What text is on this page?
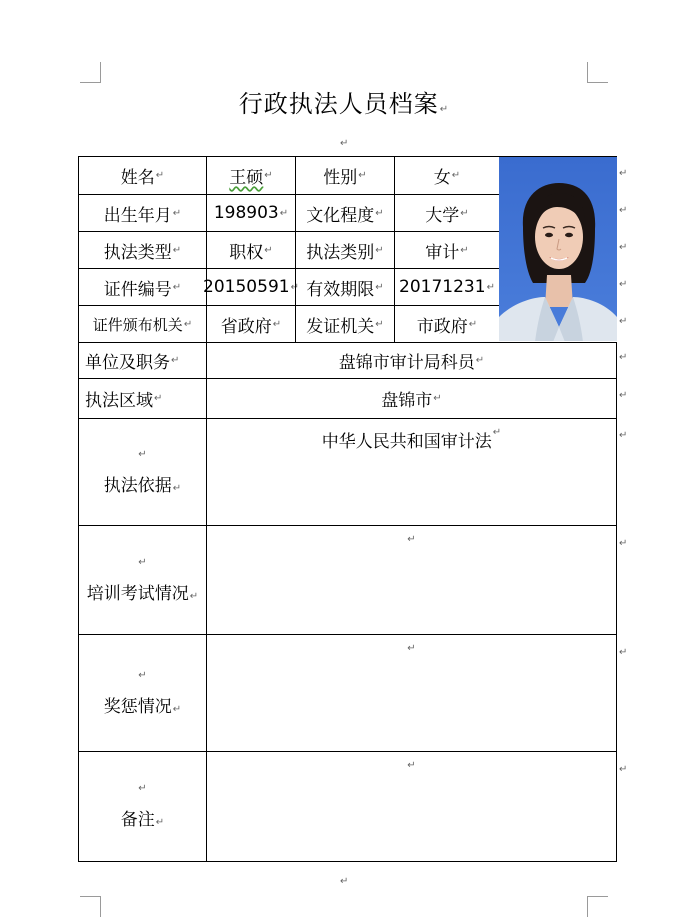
行政执法人员档案 ↵
↵
姓名 ↵	王硕 ↵	性别 ↵	女
↵
出生年月 ↵ 198903 ↵ 文化程度 ↵	大学
↵
执法类型 ↵	职权 ↵	执法类别 ↵	审计
↵
证件编号 ↵ 20150591 ↵ 有效期限 ↵ 20171231
↵
证件颁布机关 ↵ 省政府 ↵ 发证机关 ↵	市政府
↵
单位及职务 ↵	盘锦市审计局科员
↵
执法区域 ↵	盘锦市
↵
↵
执法依据 ↵
中华人民共和国审计法
↵
↵
培训考试情况 ↵
↵
↵
奖惩情况 ↵
↵
↵
备注 ↵
↵
↵
↵
↵
↵
↵
↵
↵
↵
↵
↵
↵
↵
